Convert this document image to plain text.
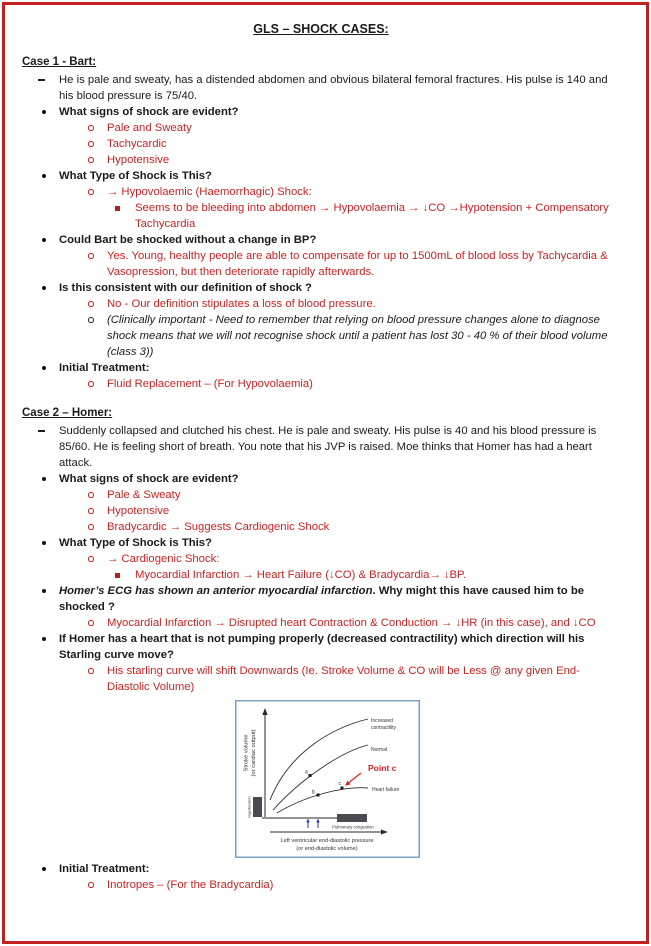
GLS – SHOCK CASES:
Case 1 - Bart:
He is pale and sweaty, has a distended abdomen and obvious bilateral femoral fractures. His pulse is 140 and his blood pressure is 75/40.
What signs of shock are evident?
Pale and Sweaty
Tachycardic
Hypotensive
What Type of Shock is This?
→ Hypovolaemic (Haemorrhagic) Shock:
Seems to be bleeding into abdomen → Hypovolaemia → ↓CO →Hypotension + Compensatory Tachycardia
Could Bart be shocked without a change in BP?
Yes. Young, healthy people are able to compensate for up to 1500mL of blood loss by Tachycardia & Vasopression, but then deteriorate rapidly afterwards.
Is this consistent with our definition of shock ?
No - Our definition stipulates a loss of blood pressure.
(Clinically important - Need to remember that relying on blood pressure changes alone to diagnose shock means that we will not recognise shock until a patient has lost 30 - 40 % of their blood volume (class 3))
Initial Treatment:
Fluid Replacement – (For Hypovolaemia)
Case 2 – Homer:
Suddenly collapsed and clutched his chest. He is pale and sweaty. His pulse is 40 and his blood pressure is 85/60. He is feeling short of breath. You note that his JVP is raised. Moe thinks that Homer has had a heart attack.
What signs of shock are evident?
Pale & Sweaty
Hypotensive
Bradycardic → Suggests Cardiogenic Shock
What Type of Shock is This?
→ Cardiogenic Shock:
Myocardial Infarction → Heart Failure (↓CO) & Bradycardia→ ↓BP.
Homer’s ECG has shown an anterior myocardial infarction. Why might this have caused him to be shocked ?
Myocardial Infarction → Disrupted heart Contraction & Conduction → ↓HR (in this case), and ↓CO
If Homer has a heart that is not pumping properly (decreased contractility) which direction will his Starling curve move?
His starling curve will shift Downwards (Ie. Stroke Volume & CO will be Less @ any given End-Diastolic Volume)
Stroke volume (or cardiac output)
Hypotension
Pulmonary congestion
Left ventricular end-diastolic pressure
(or end-diastolic volume)
Increased
contractility
Normal
Heart failure
a
b
c
Point c
Initial Treatment:
Inotropes – (For the Bradycardia)
